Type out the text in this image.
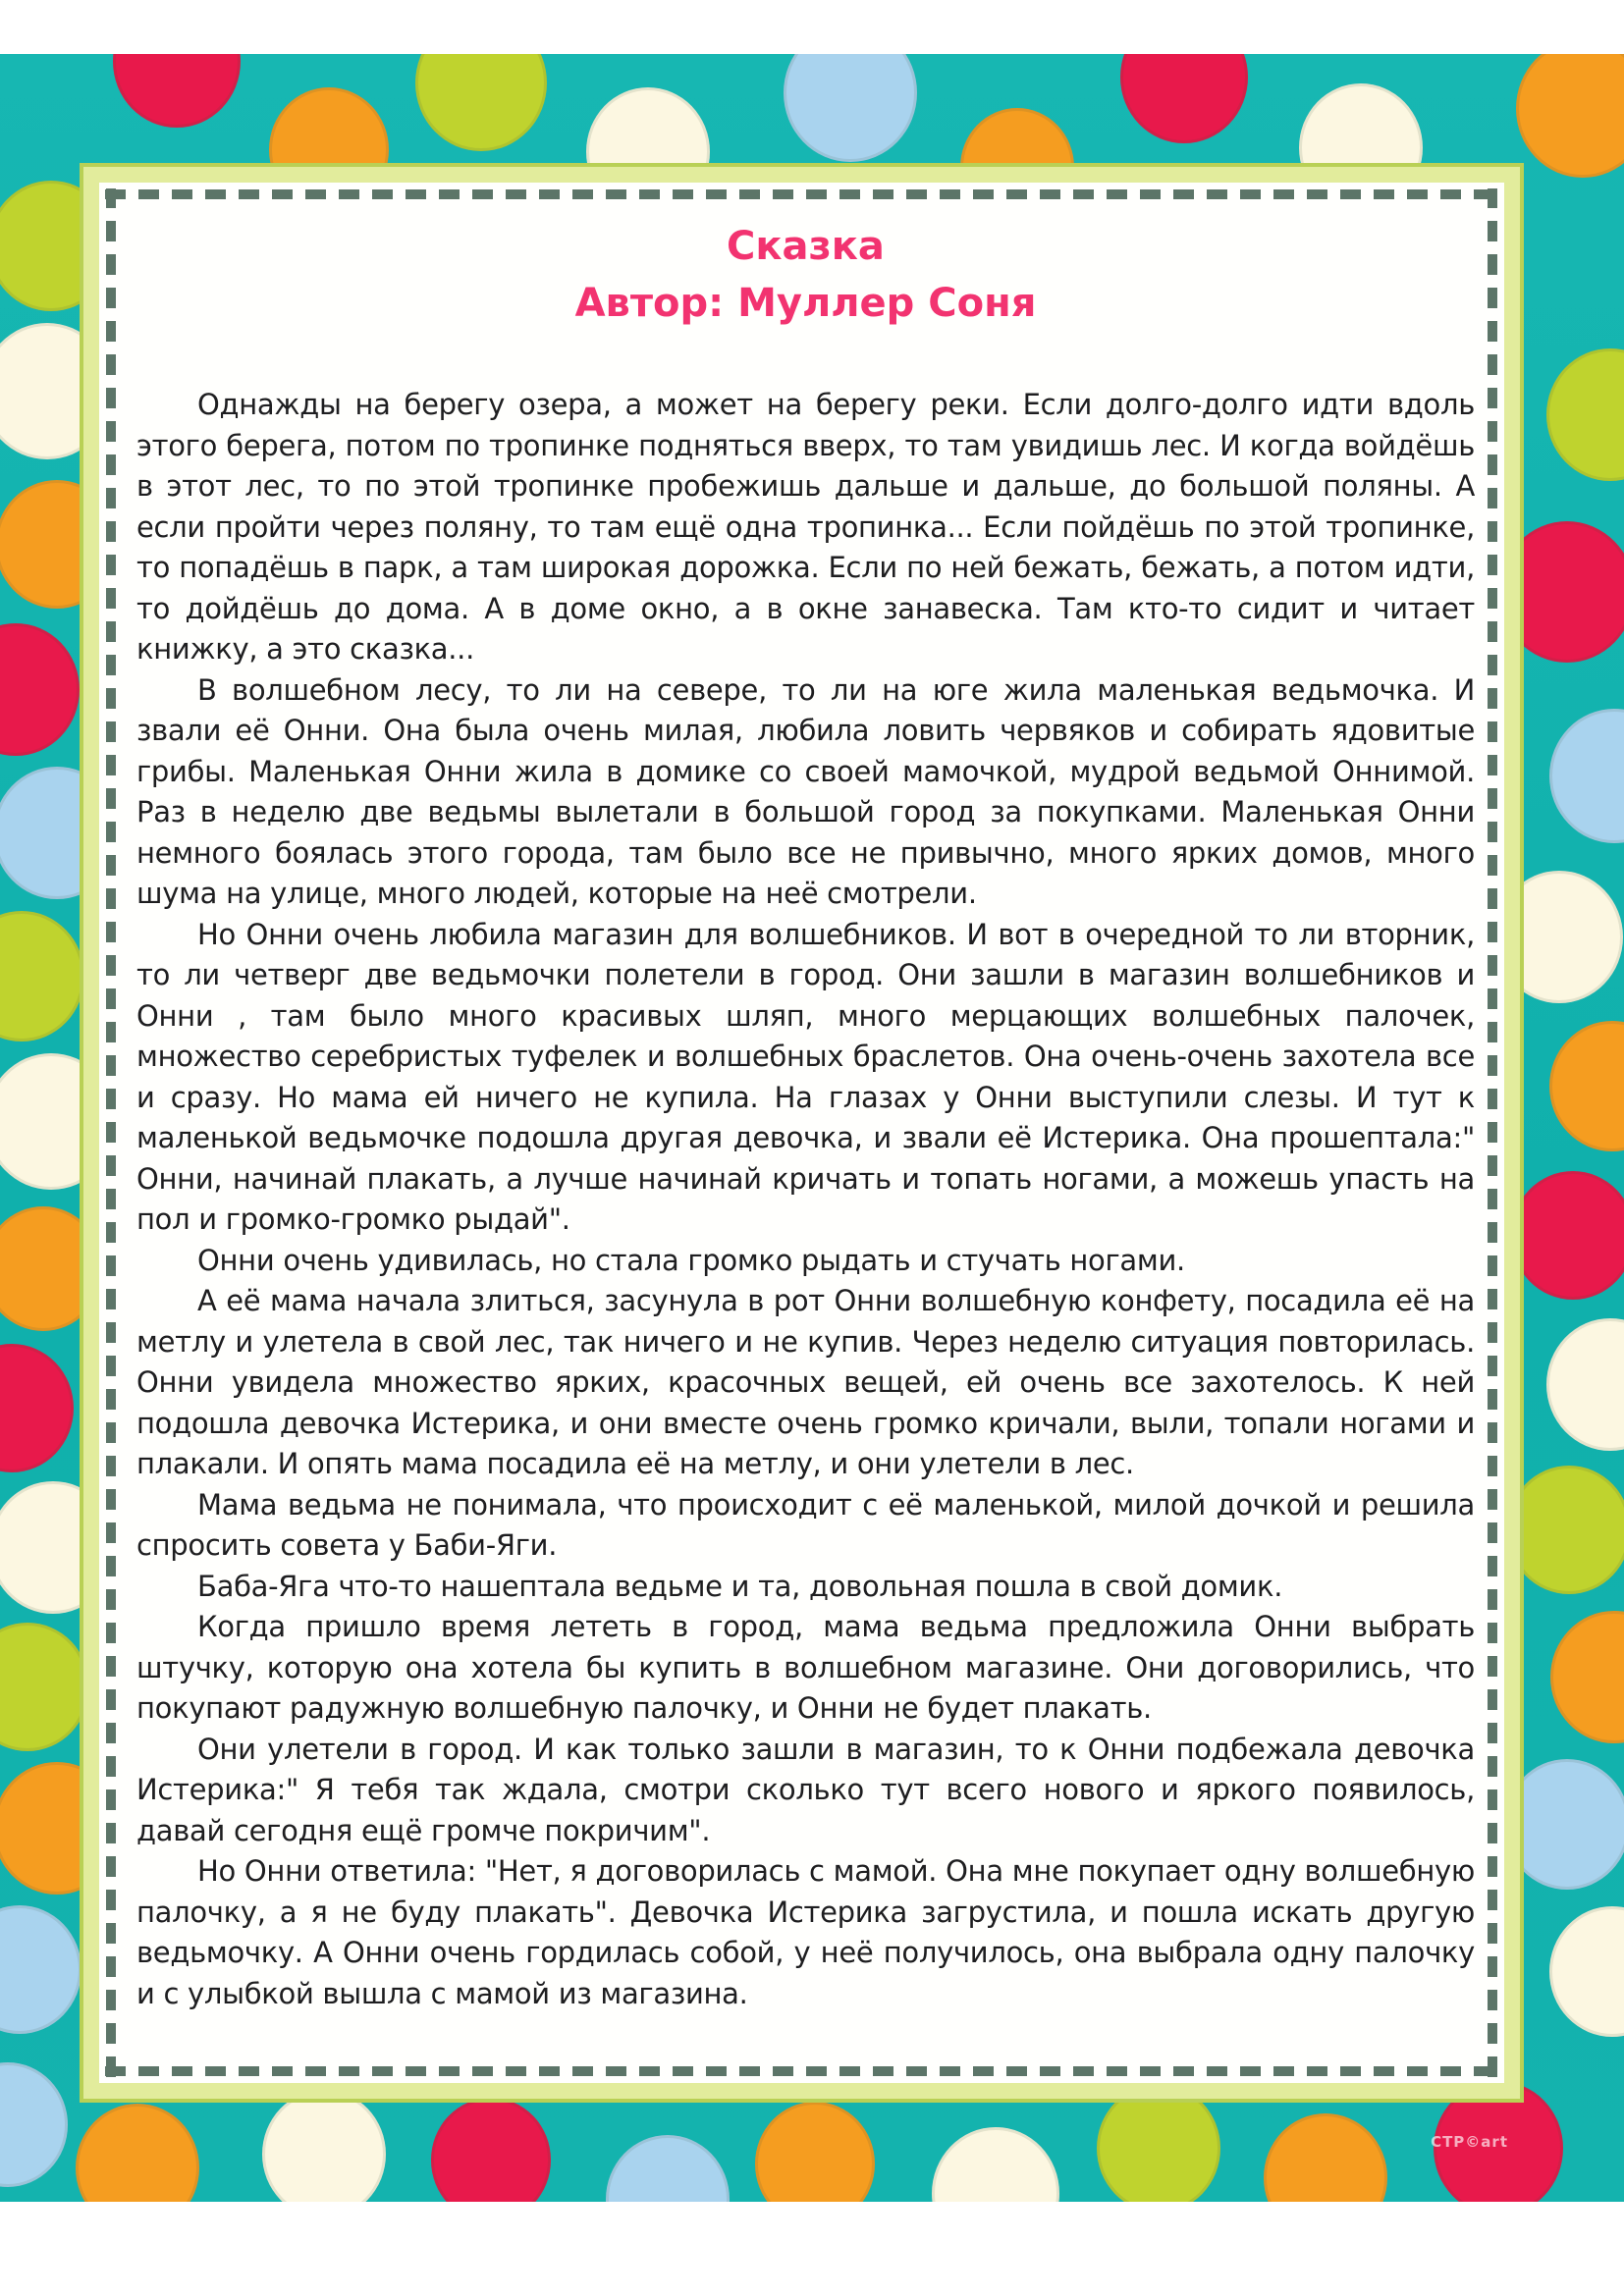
CTP©art
Сказка
Автор: Муллер Соня

Однажды на берегу озера, а может на берегу реки. Если долго-долго идти вдоль этого берега, потом по тропинке подняться вверх, то там увидишь лес. И когда войдёшь в этот лес, то по этой тропинке пробежишь дальше и дальше, до большой поляны. А если пройти через поляну, то там ещё одна тропинка... Если пойдёшь по этой тропинке, то попадёшь в парк, а там широкая дорожка. Если по ней бежать, бежать, а потом идти, то дойдёшь до дома. А в доме окно, а в окне занавеска. Там кто-то сидит и читает книжку, а это сказка...

В волшебном лесу, то ли на севере, то ли на юге жила маленькая ведьмочка. И звали её Онни. Она была очень милая, любила ловить червяков и собирать ядовитые грибы. Маленькая Онни жила в домике со своей мамочкой, мудрой ведьмой Оннимой. Раз в неделю две ведьмы вылетали в большой город за покупками. Маленькая Онни немного боялась этого города, там было все не привычно, много ярких домов, много шума на улице, много людей, которые на неё смотрели.

Но Онни очень любила магазин для волшебников. И вот в очередной то ли вторник, то ли четверг две ведьмочки полетели в город. Они зашли в магазин волшебников и Онни , там было много красивых шляп, много мерцающих волшебных палочек, множество серебристых туфелек и волшебных браслетов. Она очень-очень захотела все и сразу. Но мама ей ничего не купила. На глазах у Онни выступили слезы. И тут к маленькой ведьмочке подошла другая девочка, и звали её Истерика. Она прошептала:" Онни, начинай плакать, а лучше начинай кричать и топать ногами, а можешь упасть на пол и громко-громко рыдай".

Онни очень удивилась, но стала громко рыдать и стучать ногами.

А её мама начала злиться, засунула в рот Онни волшебную конфету, посадила её на метлу и улетела в свой лес, так ничего и не купив. Через неделю ситуация повторилась. Онни увидела множество ярких, красочных вещей, ей очень все захотелось. К ней подошла девочка Истерика, и они вместе очень громко кричали, выли, топали ногами и плакали. И опять мама посадила её на метлу, и они улетели в лес.

Мама ведьма не понимала, что происходит с её маленькой, милой дочкой и решила спросить совета у Баби-Яги.

Баба-Яга что-то нашептала ведьме и та, довольная пошла в свой домик.

Когда пришло время лететь в город, мама ведьма предложила Онни выбрать штучку, которую она хотела бы купить в волшебном магазине. Они договорились, что покупают радужную волшебную палочку, и Онни не будет плакать.

Они улетели в город. И как только зашли в магазин, то к Онни подбежала девочка Истерика:" Я тебя так ждала, смотри сколько тут всего нового и яркого появилось, давай сегодня ещё громче покричим".

Но Онни ответила: "Нет, я договорилась с мамой. Она мне покупает одну волшебную палочку, а я не буду плакать". Девочка Истерика загрустила, и пошла искать другую ведьмочку. А Онни очень гордилась собой, у неё получилось, она выбрала одну палочку и с улыбкой вышла с мамой из магазина.
